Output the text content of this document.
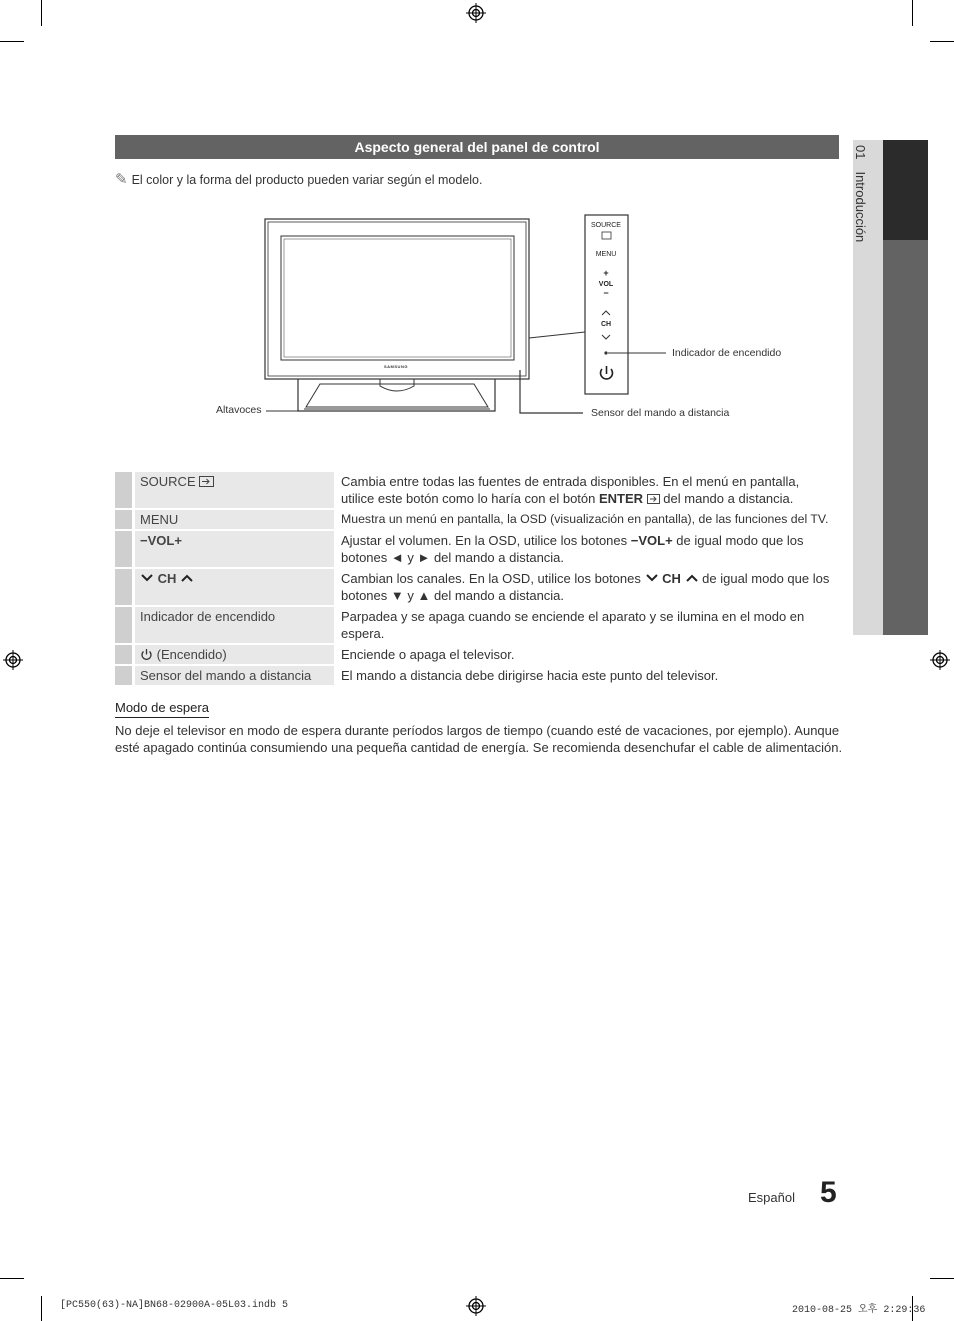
01Introducción
Aspecto general del panel de control
✎ El color y la forma del producto pueden variar según el modelo.
SAMSUNG
SOURCE
MENU
+
VOL
−
CH
Altavoces
Indicador de encendido
Sensor del mando a distancia
		SOURCE		Cambia entre todas las fuentes de entrada disponibles. En el menú en pantalla, utilice este botón como lo haría con el botón ENTER  del mando a distancia.
		MENU		Muestra un menú en pantalla, la OSD (visualización en pantalla), de las funciones del TV.
		−VOL+		Ajustar el volumen. En la OSD, utilice los botones −VOL+ de igual modo que los botones ◄ y ► del mando a distancia.
		CH		Cambian los canales. En la OSD, utilice los botones  CH  de igual modo que los botones ▼ y ▲ del mando a distancia.
		Indicador de encendido		Parpadea y se apaga cuando se enciende el aparato y se ilumina en el modo en espera.
		(Encendido)		Enciende o apaga el televisor.
		Sensor del mando a distancia		El mando a distancia debe dirigirse hacia este punto del televisor.
Modo de espera
No deje el televisor en modo de espera durante períodos largos de tiempo (cuando esté de vacaciones, por ejemplo). Aunque esté apagado continúa consumiendo una pequeña cantidad de energía. Se recomienda desenchufar el cable de alimentación.
Español 5
[PC550(63)-NA]BN68-02900A-05L03.indb 5	2010-08-25 오후 2:29:36
